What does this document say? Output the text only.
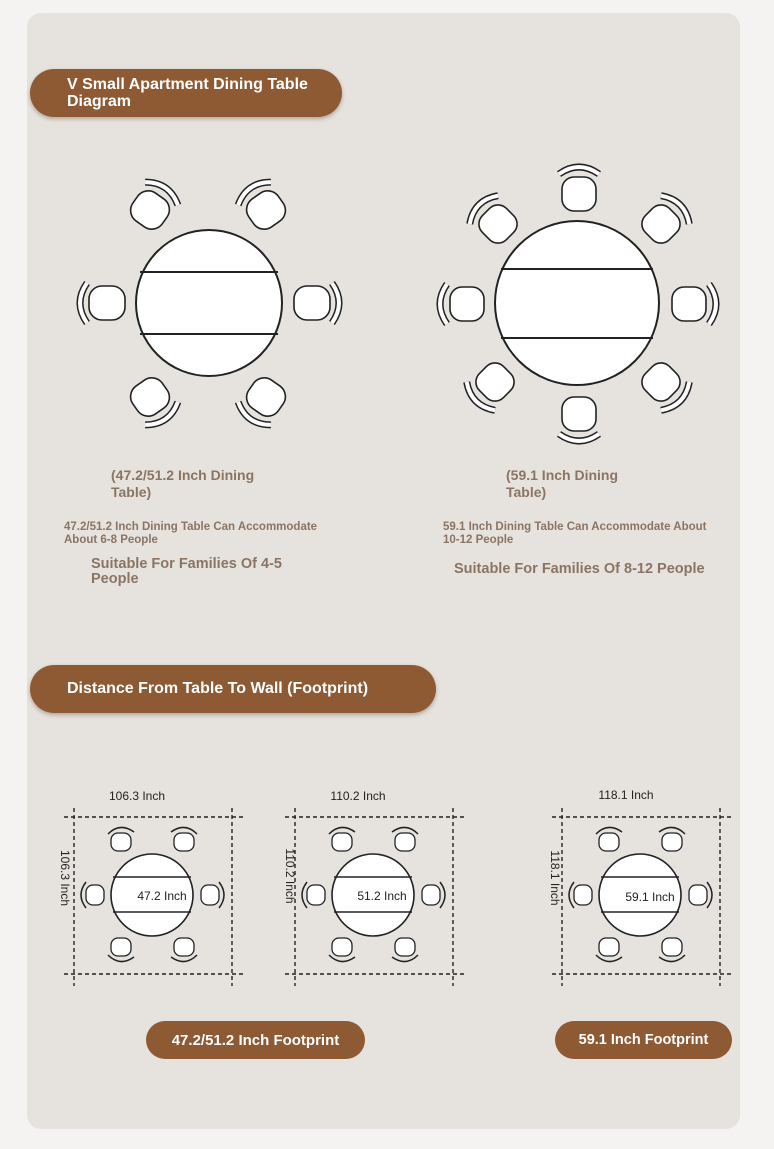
V Small Apartment Dining Table Diagram
(47.2/51.2 Inch Dining Table)
(59.1 Inch Dining Table)
47.2/51.2 Inch Dining Table Can Accommodate About 6-8 People
59.1 Inch Dining Table Can Accommodate About 10-12 People
Suitable For Families Of 4-5 People
Suitable For Families Of 8-12 People
Distance From Table To Wall (Footprint)
106.3 Inch	110.2 Inch	118.1 Inch
106.3 Inch	110.2 Inch	118.1 Inch
47.2 Inch	51.2 Inch	59.1 Inch
47.2/51.2 Inch Footprint	59.1 Inch Footprint
